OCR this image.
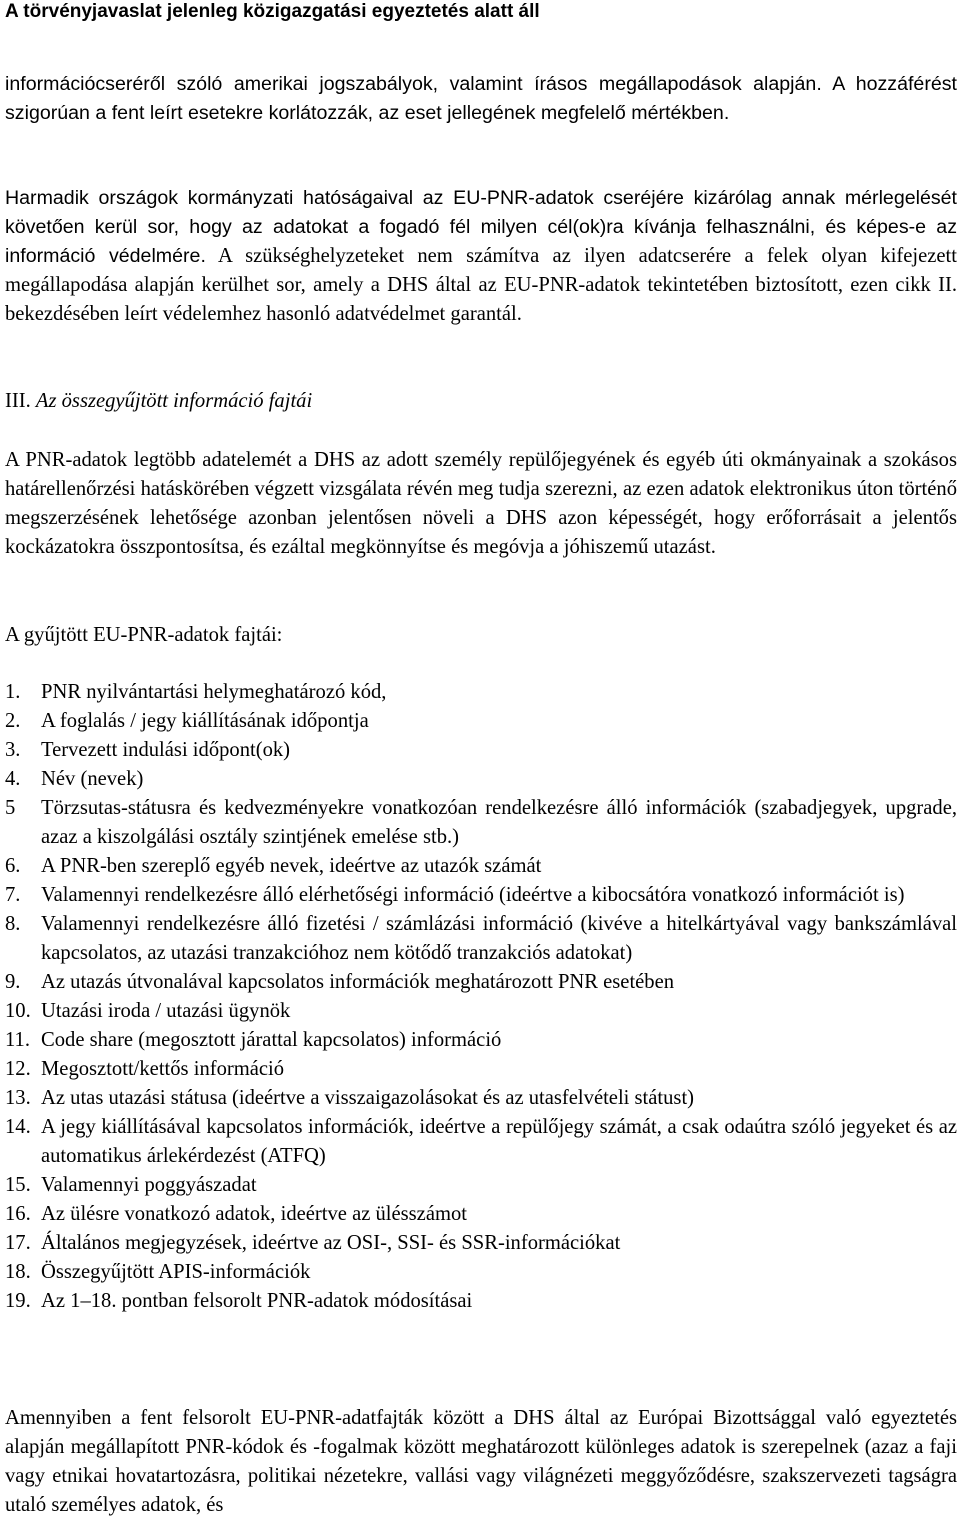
A törvényjavaslat jelenleg közigazgatási egyeztetés alatt áll

információcseréről szóló amerikai jogszabályok, valamint írásos megállapodások alapján. A hozzáférést szigorúan a fent leírt esetekre korlátozzák, az eset jellegének megfelelő mértékben.

Harmadik országok kormányzati hatóságaival az EU-PNR-adatok cseréjére kizárólag annak mérlegelését követően kerül sor, hogy az adatokat a fogadó fél milyen cél(ok)ra kívánja felhasználni, és képes-e az információ védelmére. A szükséghelyzeteket nem számítva az ilyen adatcserére a felek olyan kifejezett megállapodása alapján kerülhet sor, amely a DHS által az EU-PNR-adatok tekintetében biztosított, ezen cikk II. bekezdésében leírt védelemhez hasonló adatvédelmet garantál.

III. Az összegyűjtött információ fajtái

A PNR-adatok legtöbb adatelemét a DHS az adott személy repülőjegyének és egyéb úti okmányainak a szokásos határellenőrzési hatáskörében végzett vizsgálata révén meg tudja szerezni, az ezen adatok elektronikus úton történő megszerzésének lehetősége azonban jelentősen növeli a DHS azon képességét, hogy erőforrásait a jelentős kockázatokra összpontosítsa, és ezáltal megkönnyítse és megóvja a jóhiszemű utazást.

A gyűjtött EU-PNR-adatok fajtái:

1. PNR nyilvántartási helymeghatározó kód,
2. A foglalás / jegy kiállításának időpontja
3. Tervezett indulási időpont(ok)
4. Név (nevek)
5	Törzsutas-státusra és kedvezményekre vonatkozóan rendelkezésre álló információk (szabadjegyek, upgrade, azaz a kiszolgálási osztály szintjének emelése stb.)
6. A PNR-ben szereplő egyéb nevek, ideértve az utazók számát
7. Valamennyi rendelkezésre álló elérhetőségi információ (ideértve a kibocsátóra vonatkozó információt is)
8. Valamennyi rendelkezésre álló fizetési / számlázási információ (kivéve a hitelkártyával vagy bankszámlával kapcsolatos, az utazási tranzakcióhoz nem kötődő tranzakciós adatokat)
9. Az utazás útvonalával kapcsolatos információk meghatározott PNR esetében
10. Utazási iroda / utazási ügynök
11. Code share (megosztott járattal kapcsolatos) információ
12. Megosztott/kettős információ
13. Az utas utazási státusa (ideértve a visszaigazolásokat és az utasfelvételi státust)
14. A jegy kiállításával kapcsolatos információk, ideértve a repülőjegy számát, a csak odaútra szóló jegyeket és az automatikus árlekérdezést (ATFQ)
15. Valamennyi poggyászadat
16. Az ülésre vonatkozó adatok, ideértve az ülésszámot
17. Általános megjegyzések, ideértve az OSI-, SSI- és SSR-információkat
18. Összegyűjtött APIS-információk
19. Az 1–18. pontban felsorolt PNR-adatok módosításai

Amennyiben a fent felsorolt EU-PNR-adatfajták között a DHS által az Európai Bizottsággal való egyeztetés alapján megállapított PNR-kódok és -fogalmak között meghatározott különleges adatok is szerepelnek (azaz a faji vagy etnikai hovatartozásra, politikai nézetekre, vallási vagy világnézeti meggyőződésre, szakszervezeti tagságra utaló személyes adatok, és
